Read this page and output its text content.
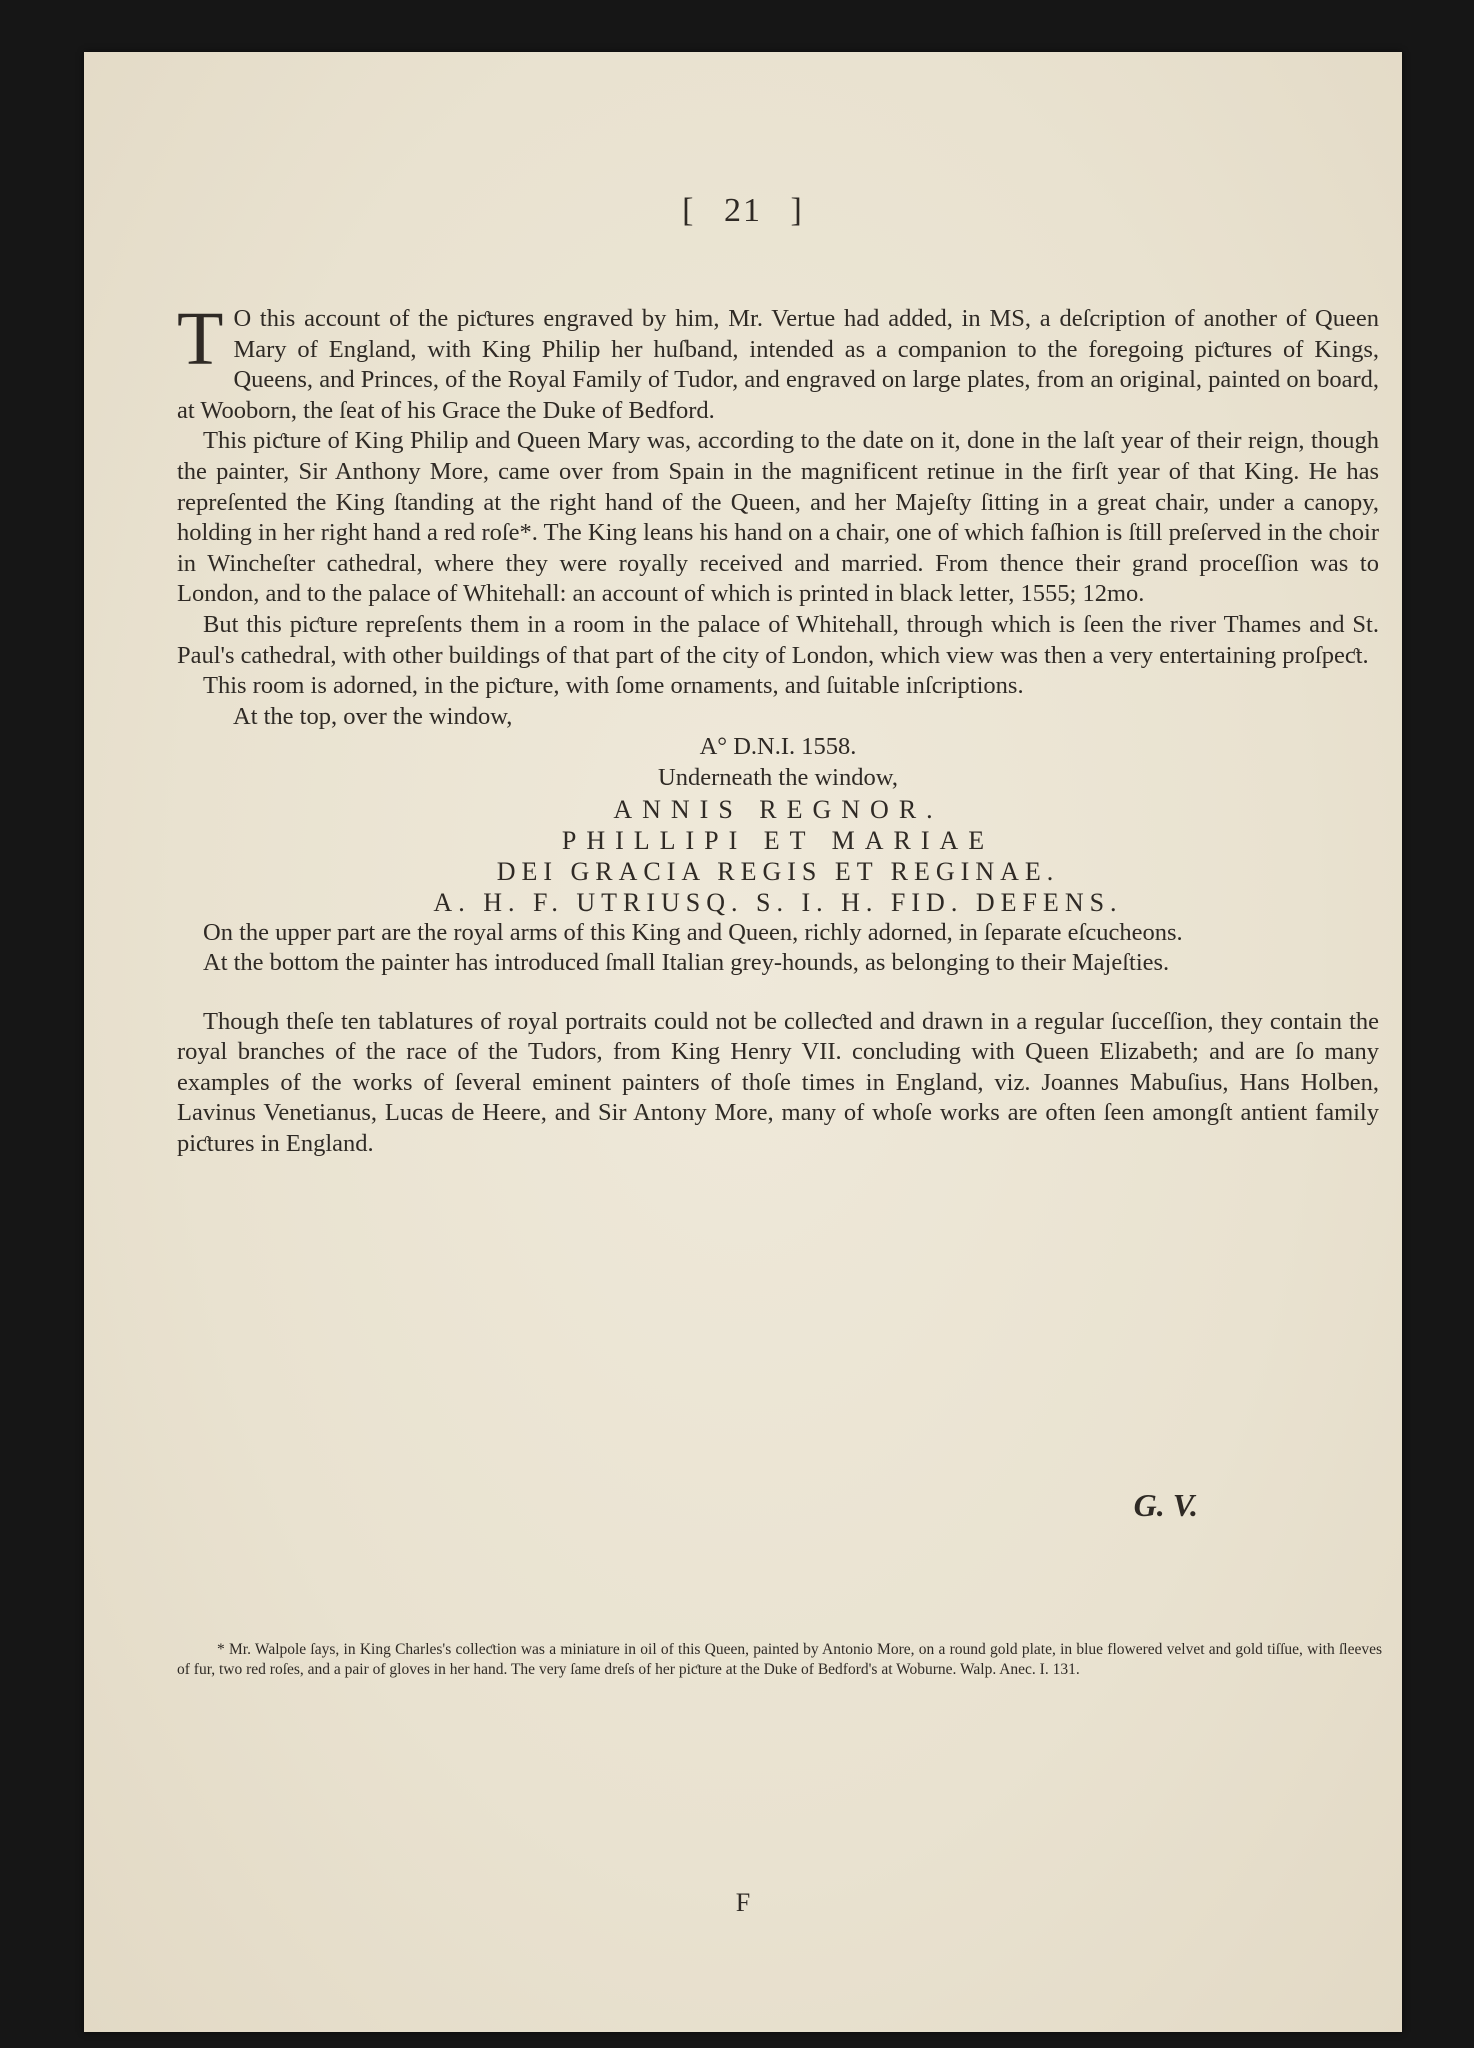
[ 21 ]

T O this account of the piƈtures engraved by him, Mr. Vertue had added, in MS, a deſcription of another of Queen Mary of England, with King Philip her huſband, intended as a companion to the foregoing piƈtures of Kings, Queens, and Princes, of the Royal Family of Tudor, and engraved on large plates, from an original, painted on board, at Wooborn, the ſeat of his Grace the Duke of Bedford.

This piƈture of King Philip and Queen Mary was, according to the date on it, done in the laſt year of their reign, though the painter, Sir Anthony More, came over from Spain in the magnificent retinue in the firſt year of that King. He has repreſented the King ſtanding at the right hand of the Queen, and her Majeſty ſitting in a great chair, under a canopy, holding in her right hand a red roſe*. The King leans his hand on a chair, one of which faſhion is ſtill preſerved in the choir in Wincheſter cathedral, where they were royally received and married. From thence their grand proceſſion was to London, and to the palace of Whitehall: an account of which is printed in black letter, 1555; 12mo.

But this piƈture repreſents them in a room in the palace of Whitehall, through which is ſeen the river Thames and St. Paul's cathedral, with other buildings of that part of the city of London, which view was then a very entertaining proſpeƈt.

This room is adorned, in the piƈture, with ſome ornaments, and ſuitable inſcriptions.

At the top, over the window,

A° D.N.I. 1558.

Underneath the window,

ANNIS REGNOR.

PHILLIPI ET MARIAE

DEI GRACIA REGIS ET REGINAE.

A. H. F. UTRIUSQ. S. I. H. FID. DEFENS.

On the upper part are the royal arms of this King and Queen, richly adorned, in ſeparate eſcucheons.

At the bottom the painter has introduced ſmall Italian grey-hounds, as belonging to their Majeſties.

Though theſe ten tablatures of royal portraits could not be colleƈted and drawn in a regular ſucceſſion, they contain the royal branches of the race of the Tudors, from King Henry VII. concluding with Queen Elizabeth; and are ſo many examples of the works of ſeveral eminent painters of thoſe times in England, viz. Joannes Mabuſius, Hans Holben, Lavinus Venetianus, Lucas de Heere, and Sir Antony More, many of whoſe works are often ſeen amongſt antient family piƈtures in England.

G. V.

* Mr. Walpole ſays, in King Charles's colleƈtion was a miniature in oil of this Queen, painted by Antonio More, on a round gold plate, in blue flowered velvet and gold tiſſue, with ſleeves of fur, two red roſes, and a pair of gloves in her hand. The very ſame dreſs of her piƈture at the Duke of Bedford's at Woburne. Walp. Anec. I. 131.

F
